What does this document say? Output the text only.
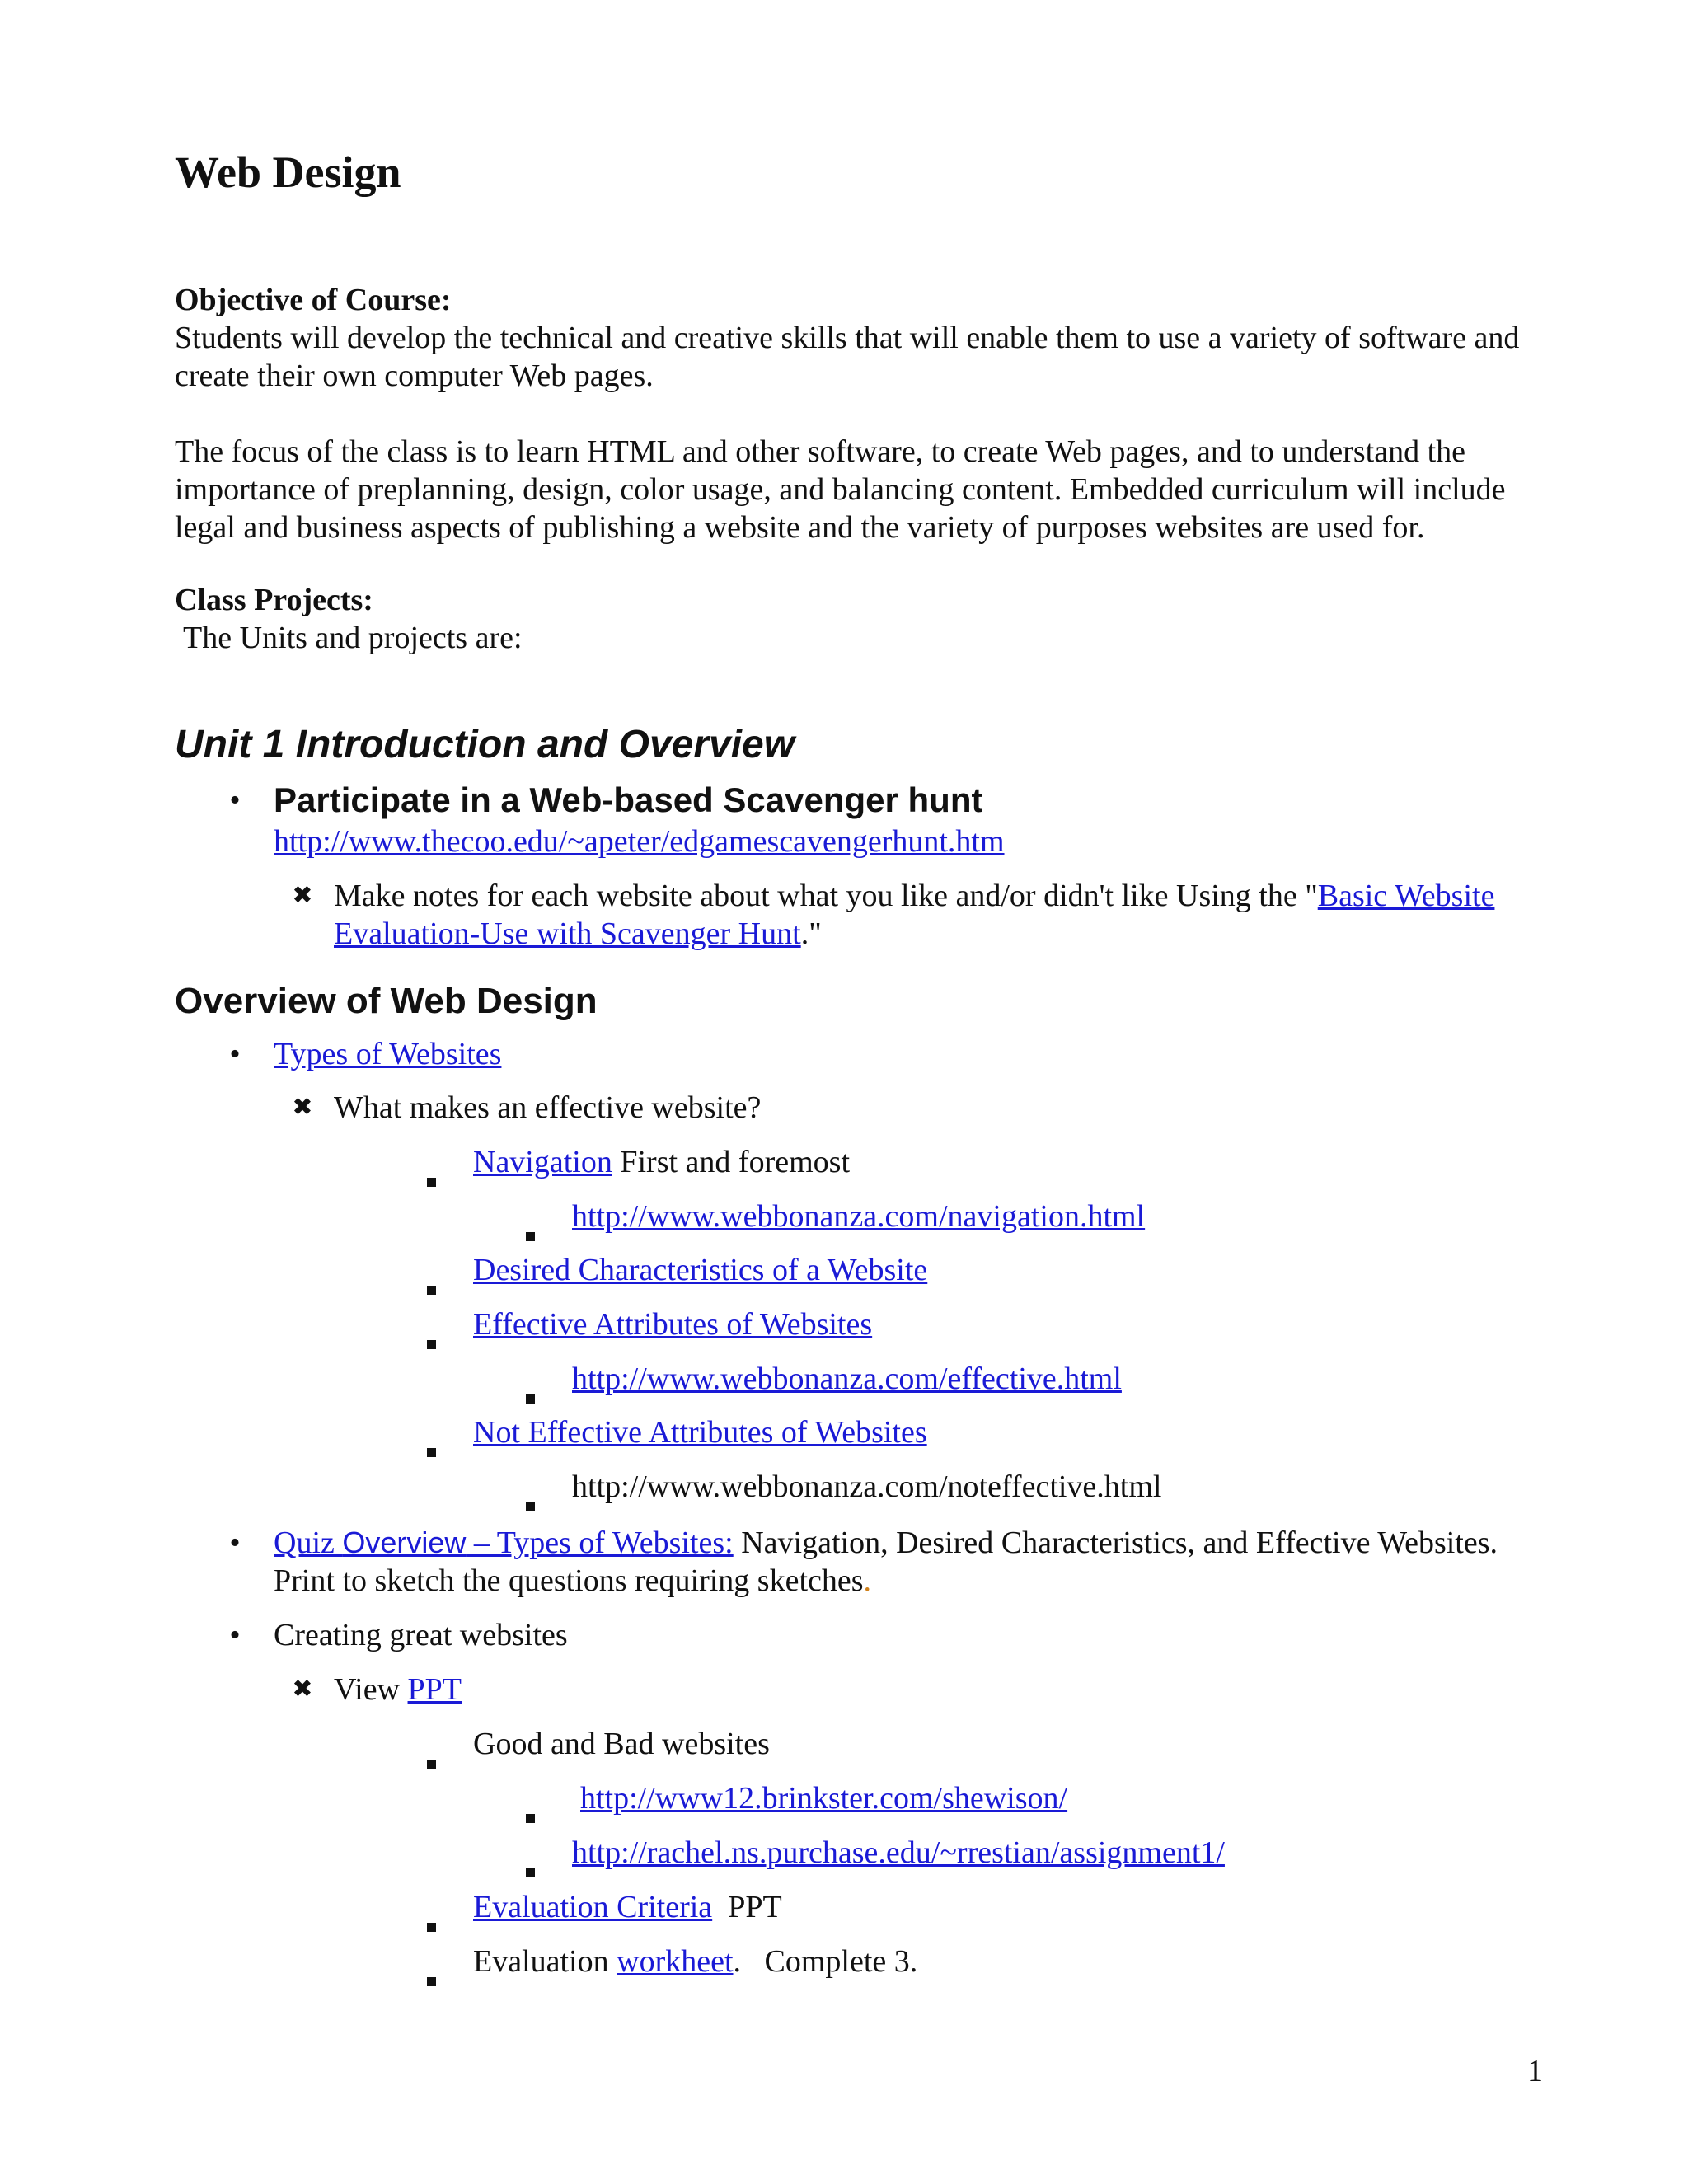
Web Design

Objective of Course:

Students will develop the technical and creative skills that will enable them to use a variety of software and
create their own computer Web pages.
The focus of the class is to learn HTML and other software, to create Web pages, and to understand the
importance of preplanning, design, color usage, and balancing content. Embedded curriculum will include
legal and business aspects of publishing a website and the variety of purposes websites are used for.

Class Projects:

The Units and projects are:
Unit 1 Introduction and Overview
• Participate in a Web-based Scavenger hunt
http://www.thecoo.edu/~apeter/edgamescavengerhunt.htm
✖ Make notes for each website about what you like and/or didn't like Using the "Basic Website
Evaluation-Use with Scavenger Hunt."
Overview of Web Design
• Types of Websites
✖ What makes an effective website?
Navigation First and foremost
http://www.webbonanza.com/navigation.html
Desired Characteristics of a Website
Effective Attributes of Websites
http://www.webbonanza.com/effective.html
Not Effective Attributes of Websites
http://www.webbonanza.com/noteffective.html
• Quiz Overview – Types of Websites: Navigation, Desired Characteristics, and Effective Websites.
Print to sketch the questions requiring sketches.
• Creating great websites
✖ View PPT
Good and Bad websites
http://www12.brinkster.com/shewison/
http://rachel.ns.purchase.edu/~rrestian/assignment1/
Evaluation Criteria  PPT
Evaluation workheet.   Complete 3.
1
